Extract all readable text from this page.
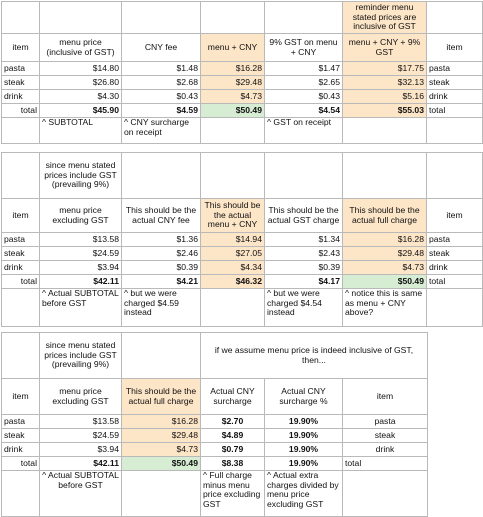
					reminder menu stated prices are inclusive of GST	
item	menu price (inclusive of GST)	CNY fee	menu + CNY	9% GST on menu + CNY	menu + CNY + 9% GST	item
pasta	$14.80	$1.48	$16.28	$1.47	$17.75	pasta
steak	$26.80	$2.68	$29.48	$2.65	$32.13	steak
drink	$4.30	$0.43	$4.73	$0.43	$5.16	drink
total	$45.90	$4.59	$50.49	$4.54	$55.03	total
	^ SUBTOTAL	^ CNY surcharge on receipt		^ GST on receipt		
	since menu stated prices include GST (prevailing 9%)					
item	menu price excluding GST	This should be the actual CNY fee	This should be the actual menu + CNY	This should be the actual GST charge	This should be the actual full charge	item
pasta	$13.58	$1.36	$14.94	$1.34	$16.28	pasta
steak	$24.59	$2.46	$27.05	$2.43	$29.48	steak
drink	$3.94	$0.39	$4.34	$0.39	$4.73	drink
total	$42.11	$4.21	$46.32	$4.17	$50.49	total
	^ Actual SUBTOTAL before GST	^ but we were charged $4.59 instead		^ but we were charged $4.54 instead	^ notice this is same as menu + CNY above?	
	since menu stated prices include GST (prevailing 9%)		if we assume menu price is indeed inclusive of GST, then...		
item	menu price excluding GST	This should be the actual full charge	Actual CNY surcharge	Actual CNY surcharge %	item
pasta	$13.58	$16.28	$2.70	19.90%	pasta
steak	$24.59	$29.48	$4.89	19.90%	steak
drink	$3.94	$4.73	$0.79	19.90%	drink
total	$42.11	$50.49	$8.38	19.90%	total
	^ Actual SUBTOTAL before GST		^ Full charge minus menu price excluding GST	^ Actual extra charges divided by menu price excluding GST	
